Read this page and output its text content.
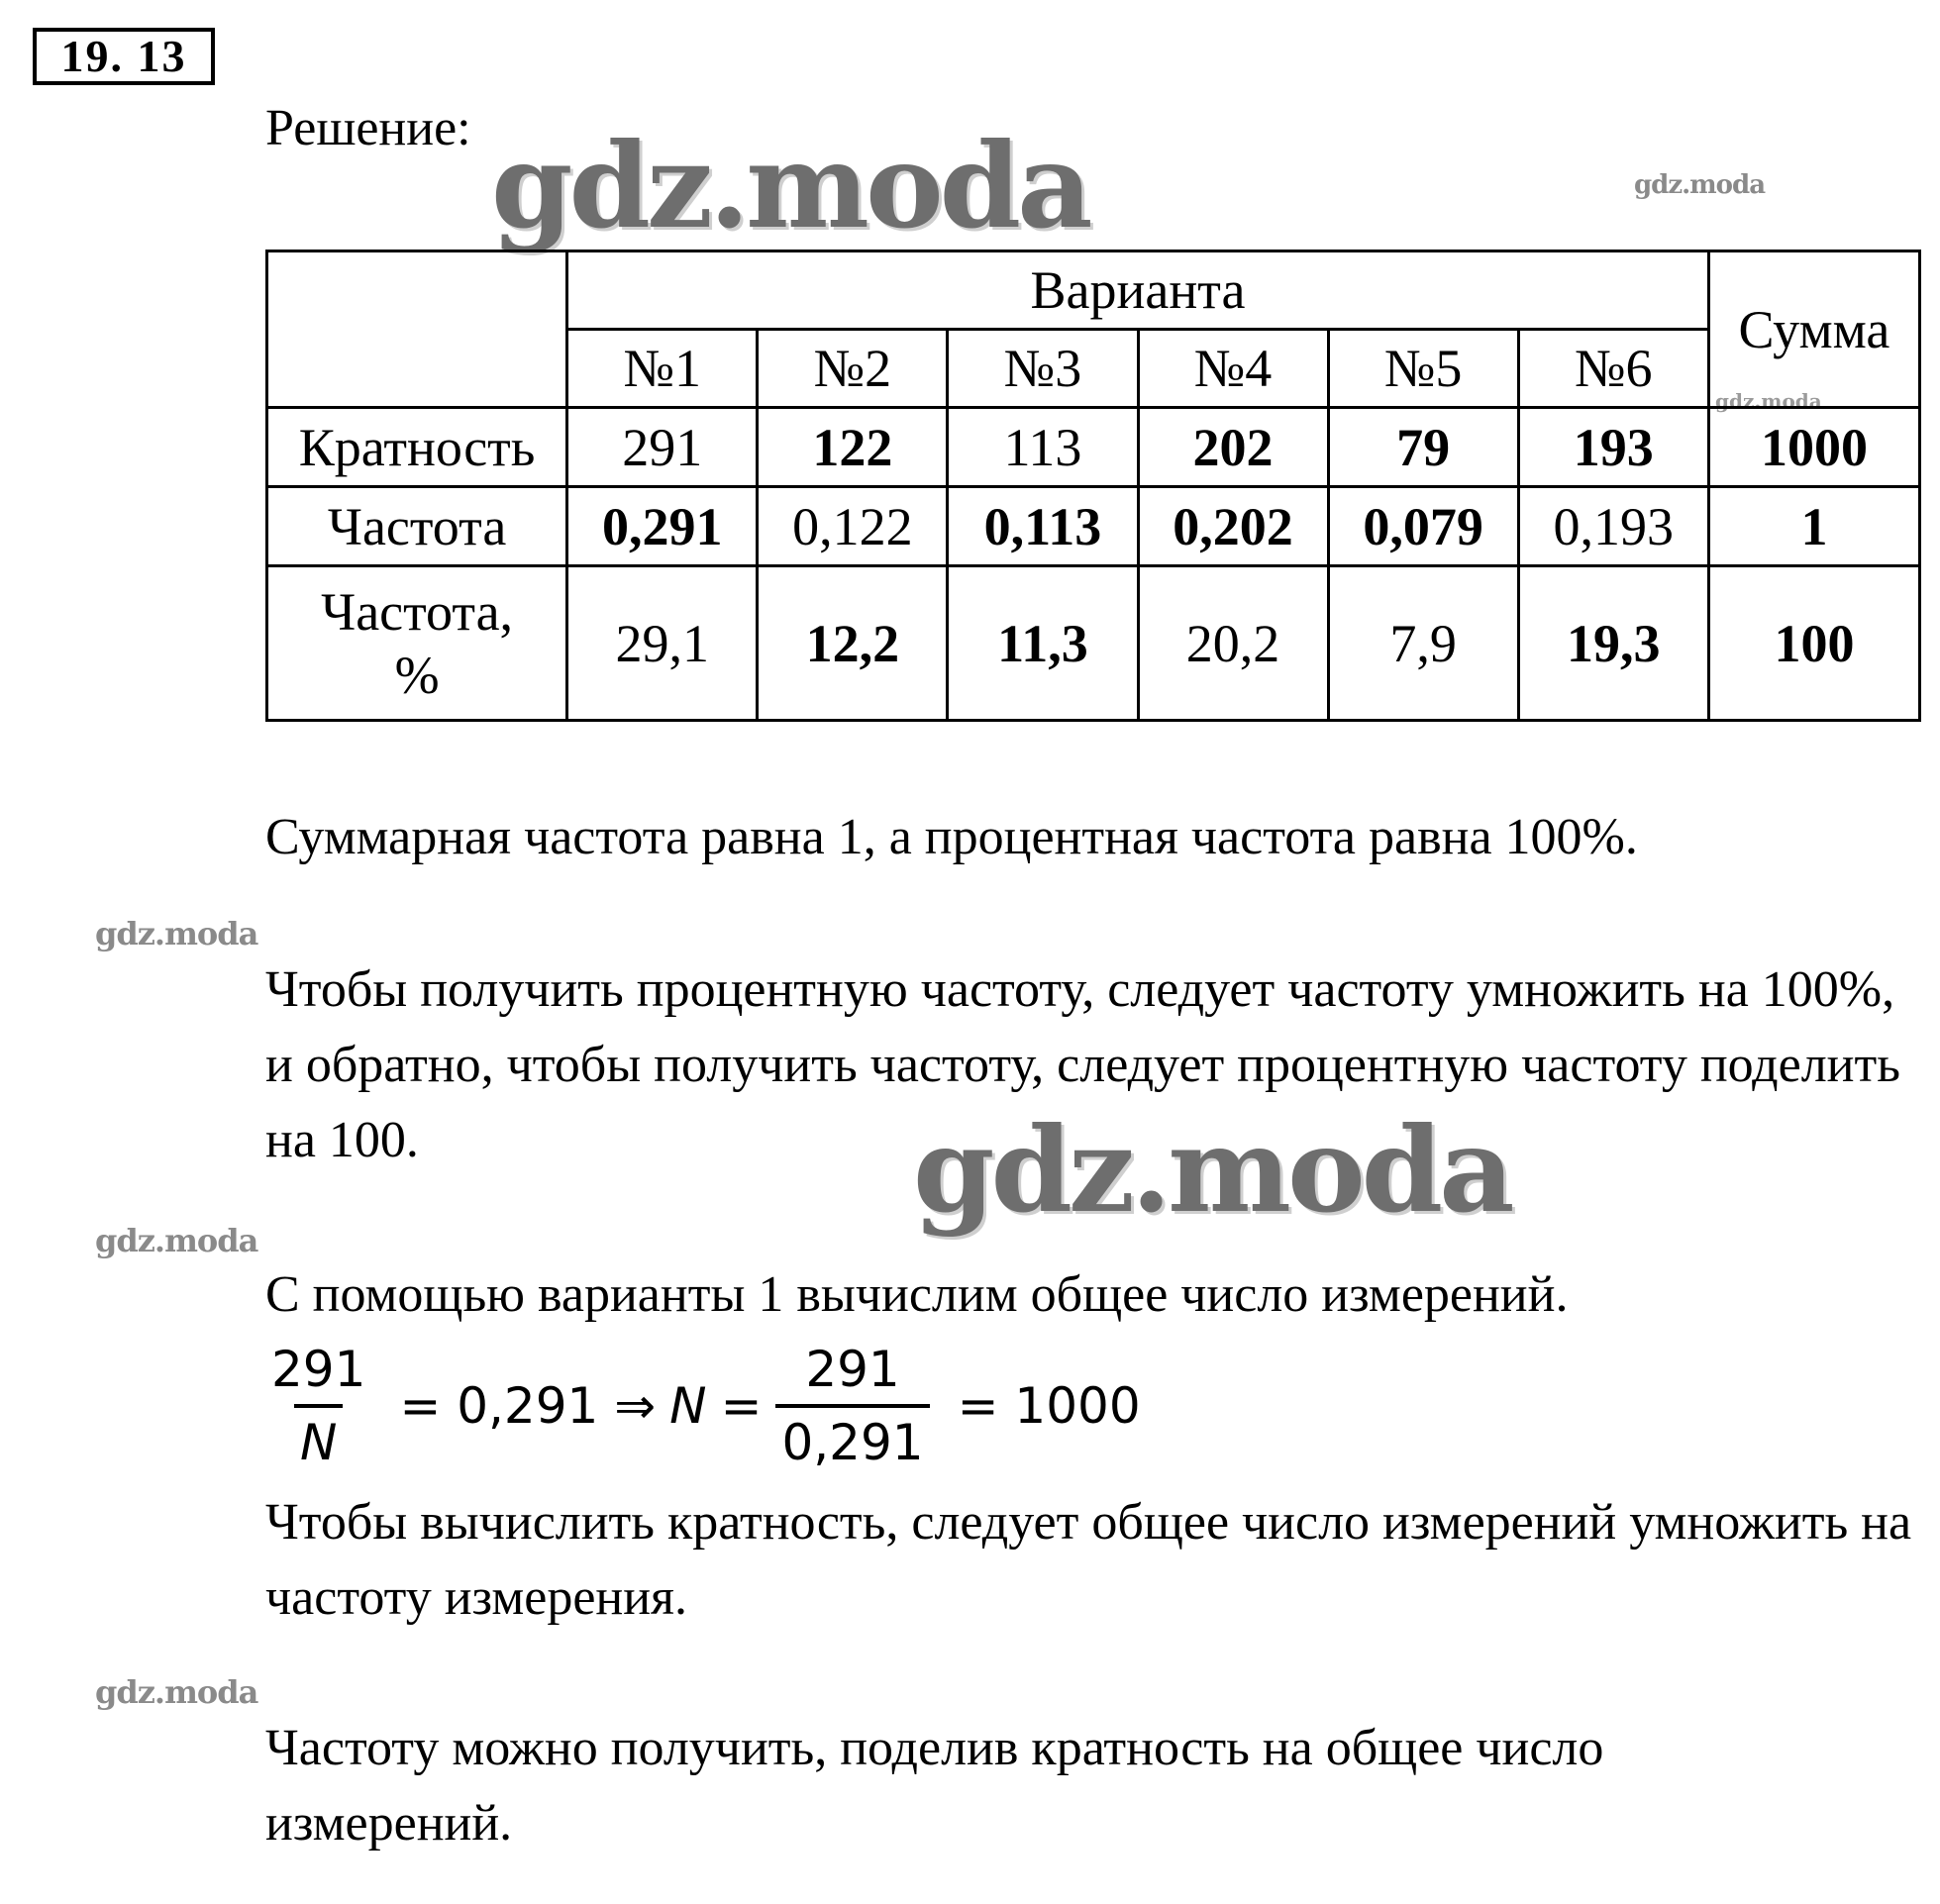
19. 13
Решение: gdz.moda	gdz.moda
gdz.moda
	Варианта						Сумма
	№1	№2	№3	№4	№5	№6	
Кратность	291	122	113	202	79	193	1000
Частота	0,291	0,122	0,113	0,202	0,079	0,193	1
Частота, %	29,1	12,2	11,3	20,2	7,9	19,3	100
Суммарная частота равна 1, а процентная частота равна 100%.
gdz.moda
Чтобы получить процентную частоту, следует частоту умножить на 100%, и обратно, чтобы получить частоту, следует процентную частоту поделить на 100.	gdz.moda
gdz.moda
С помощью варианты 1 вычислим общее число измерений.
$\frac{291}{N} = 0,291$ ⇒ $N = \frac{291}{0,291} = 1000$
Чтобы вычислить кратность, следует общее число измерений умножить на частоту измерения.
gdz.moda
Частоту можно получить, поделив кратность на общее число измерений.
